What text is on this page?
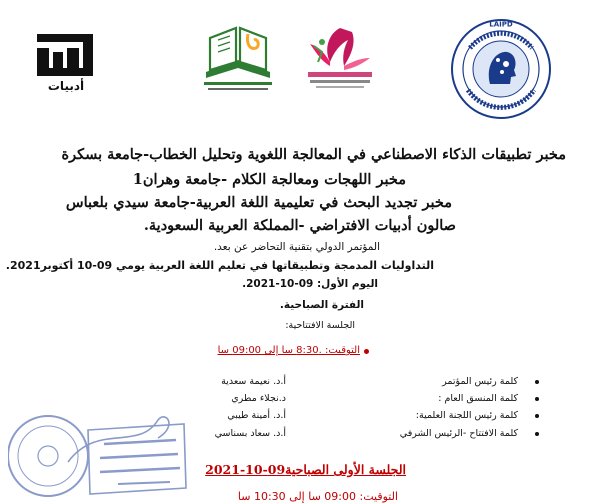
LAIPD
أدبيات
مخبر تطبيقات الذكاء الاصطناعي في المعالجة اللغوية وتحليل الخطاب-جامعة بسكرة
مخبر اللهجات ومعالجة الكلام -جامعة وهران1
مخبر تجديد البحث في تعليمية اللغة العربية-جامعة سيدي بلعباس
صالون أدبيات الافتراضي -المملكة العربية السعودية.
المؤتمر الدولي بتقنية التحاضر عن بعد.
التداوليات المدمجة وتطبيقاتها في تعليم اللغة العربية يومي 09-10 أكتوبر2021.
اليوم الأول: 09-10-2021.
الفترة الصباحية.
الجلسة الافتتاحية:
التوقيت: .8:30 سا إلى 09:00 سا
كلمة رئيس المؤتمر
أ.د. نعيمة سعدية
كلمة المنسق العام :
د.نجلاء مطري
كلمة رئيس اللجنة العلمية:
أ.د. أمينة طيبي
كلمة الافتتاح -الرئيس الشرفي
أ.د. سعاد بسناسي
الجلسة الأولى الصباحية09-10-2021
التوقيت: 09:00 سا إلى 10:30 سا
